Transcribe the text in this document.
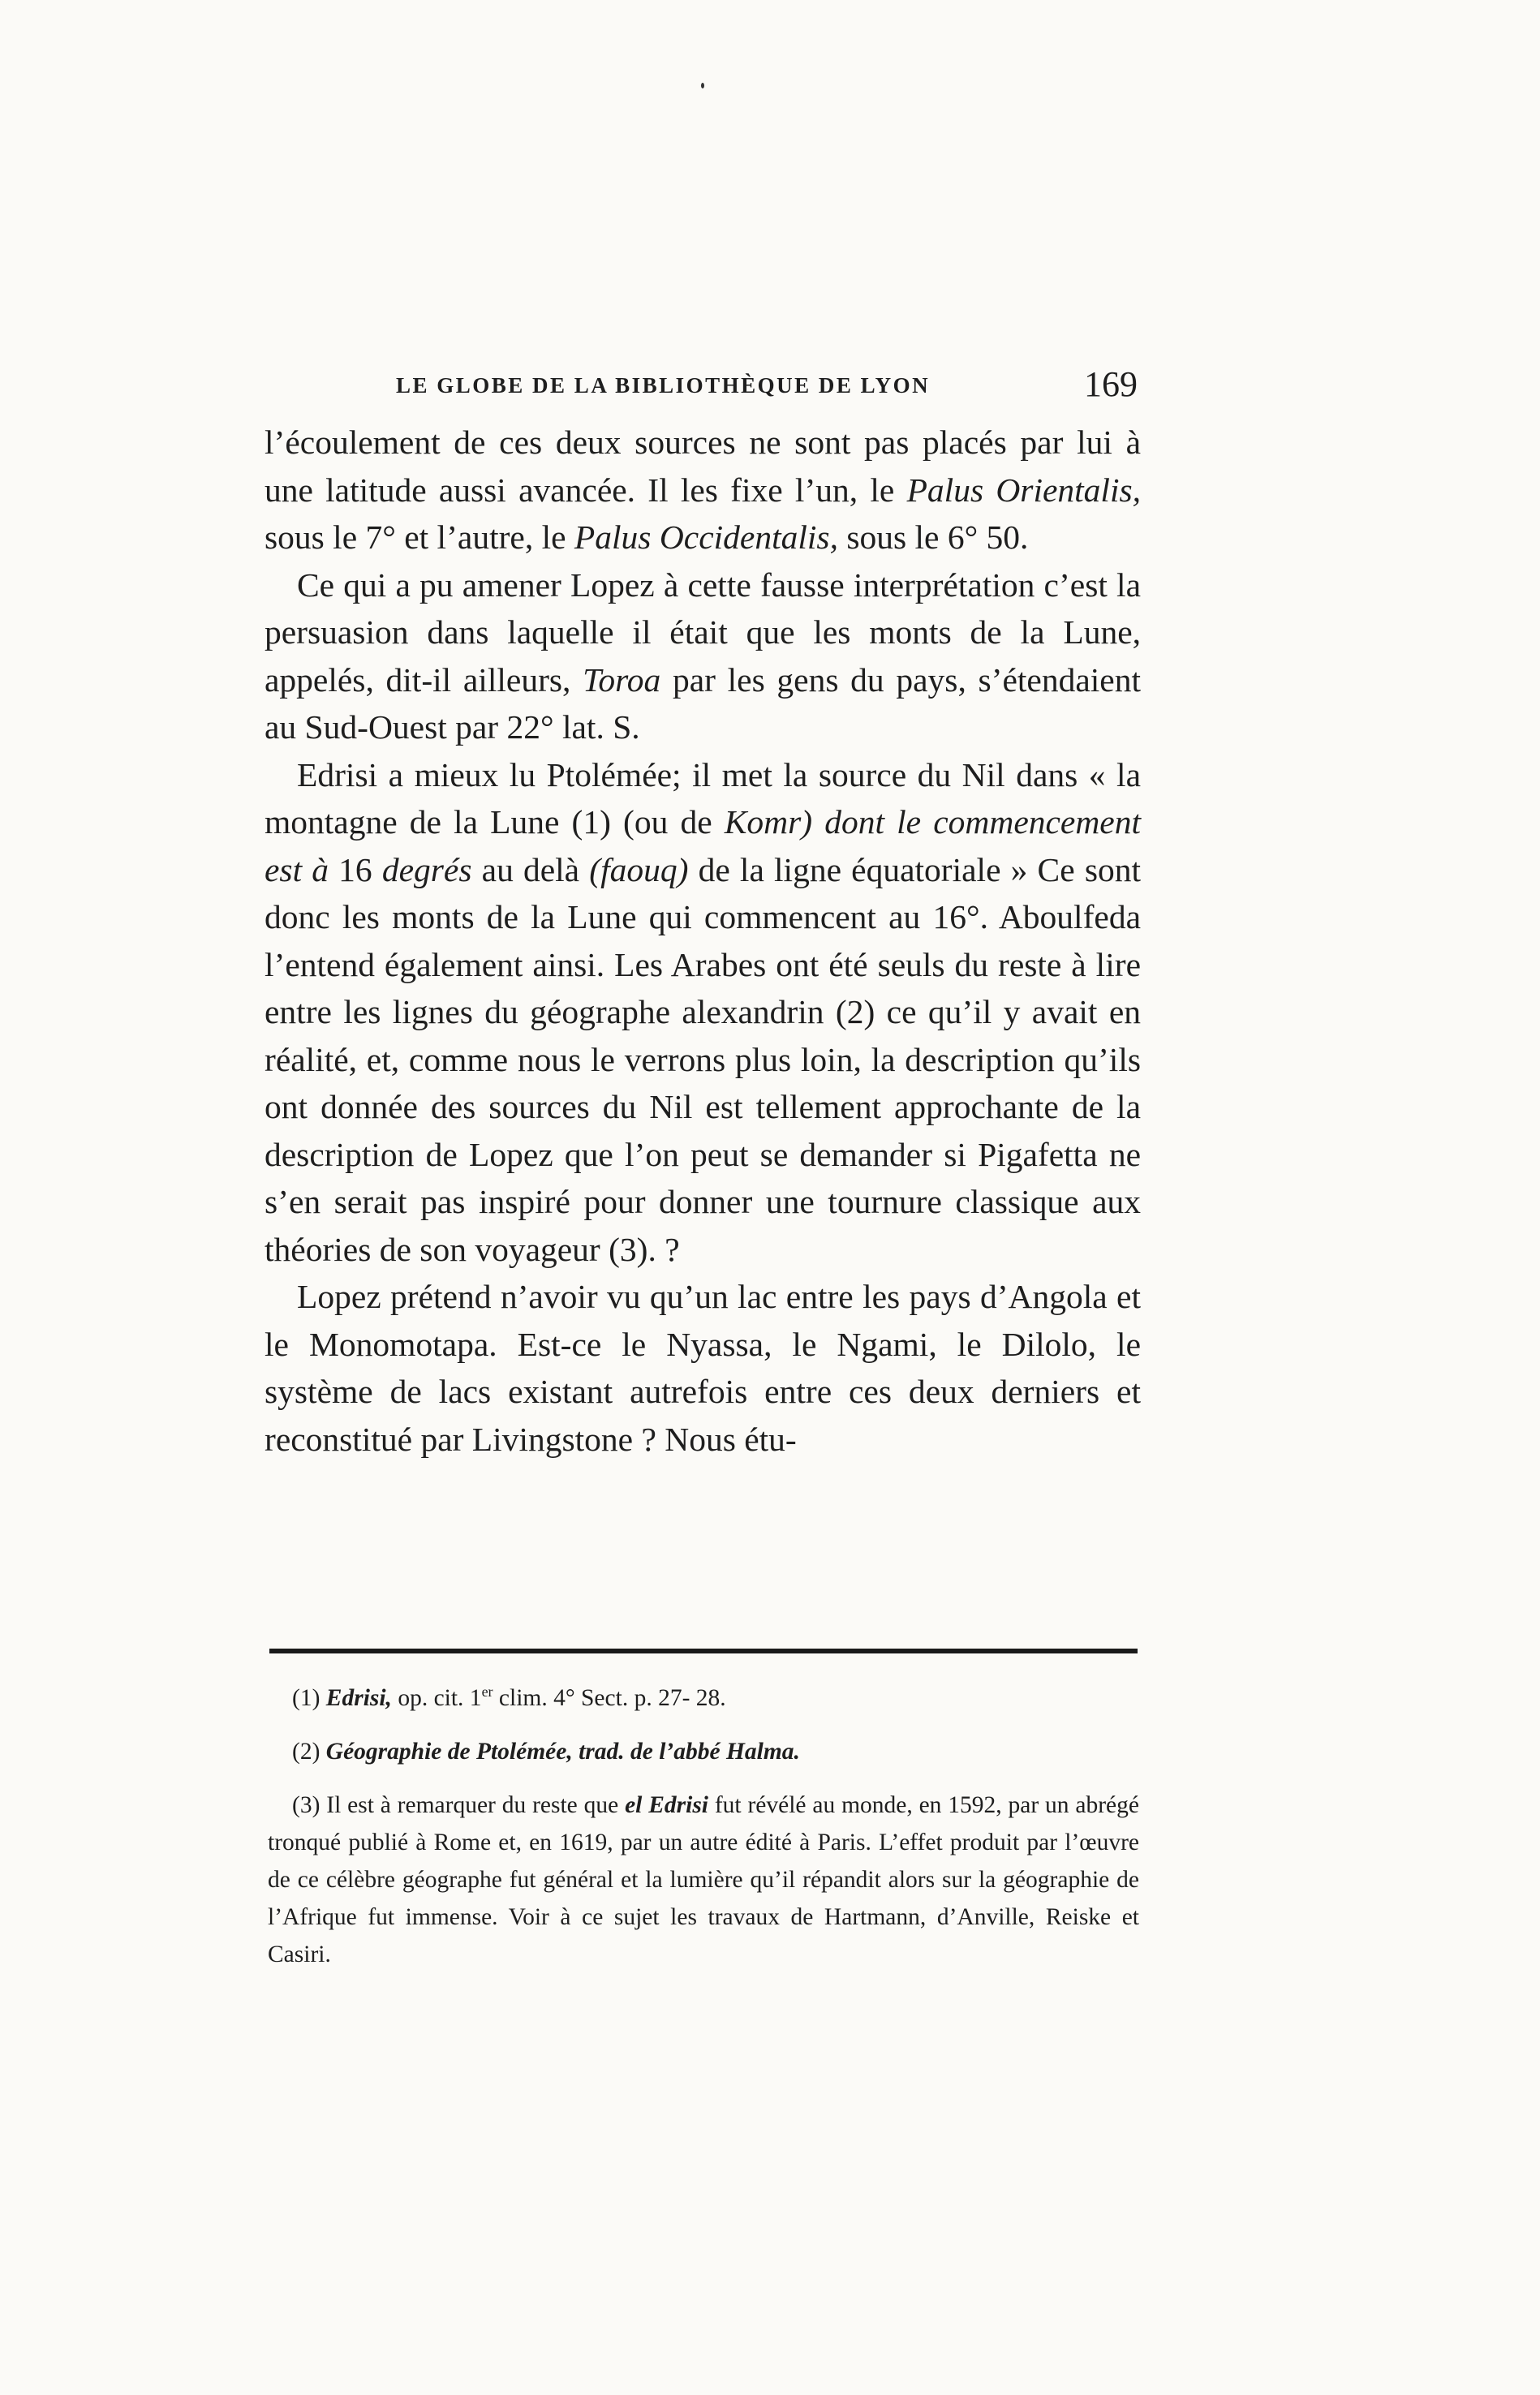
LE GLOBE DE LA BIBLIOTHÈQUE DE LYON	169

l’écoulement de ces deux sources ne sont pas placés par lui à une latitude aussi avancée. Il les fixe l’un, le Palus Orientalis, sous le 7° et l’autre, le Palus Occidentalis, sous le 6° 50.

Ce qui a pu amener Lopez à cette fausse interprétation c’est la persuasion dans laquelle il était que les monts de la Lune, appelés, dit-il ailleurs, Toroa par les gens du pays, s’étendaient au Sud-Ouest par 22° lat. S.

Edrisi a mieux lu Ptolémée; il met la source du Nil dans « la montagne de la Lune (1) (ou de Komr) dont le commencement est à 16 degrés au delà (faouq) de la ligne équatoriale » Ce sont donc les monts de la Lune qui commencent au 16°. Aboulfeda l’entend également ainsi. Les Arabes ont été seuls du reste à lire entre les lignes du géographe alexandrin (2) ce qu’il y avait en réalité, et, comme nous le verrons plus loin, la description qu’ils ont donnée des sources du Nil est tellement approchante de la description de Lopez que l’on peut se demander si Pigafetta ne s’en serait pas inspiré pour donner une tournure classique aux théories de son voyageur (3). ?

Lopez prétend n’avoir vu qu’un lac entre les pays d’Angola et le Monomotapa. Est-ce le Nyassa, le Ngami, le Dilolo, le système de lacs existant autrefois entre ces deux derniers et reconstitué par Livingstone ? Nous étu-

(1) Edrisi, op. cit. 1er clim. 4° Sect. p. 27- 28.

(2) Géographie de Ptolémée, trad. de l’abbé Halma.

(3) Il est à remarquer du reste que el Edrisi fut révélé au monde, en 1592, par un abrégé tronqué publié à Rome et, en 1619, par un autre édité à Paris. L’effet produit par l’œuvre de ce célèbre géographe fut général et la lumière qu’il répandit alors sur la géographie de l’Afrique fut immense. Voir à ce sujet les travaux de Hartmann, d’Anville, Reiske et Casiri.
